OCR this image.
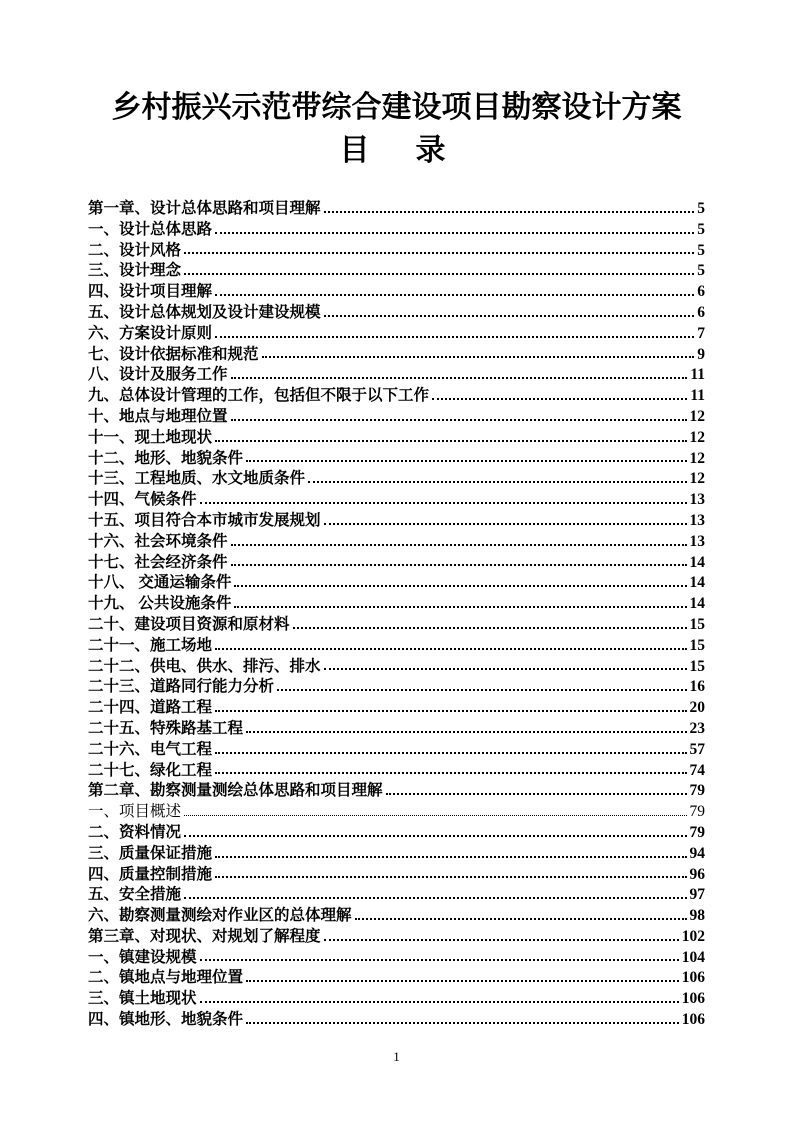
乡村振兴示范带综合建设项目勘察设计方案
目　录
第一章、设计总体思路和项目理解	5
一、设计总体思路	5
二、设计风格	5
三、设计理念	5
四、设计项目理解	6
五、设计总体规划及设计建设规模	6
六、方案设计原则	7
七、设计依据标准和规范	9
八、设计及服务工作	11
九、总体设计管理的工作，包括但不限于以下工作	11
十、地点与地理位置	12
十一、现土地现状	12
十二、地形、地貌条件	12
十三、工程地质、水文地质条件	12
十四、气候条件	13
十五、项目符合本市城市发展规划	13
十六、社会环境条件	13
十七、社会经济条件	14
十八、 交通运输条件	14
十九、 公共设施条件	14
二十、建设项目资源和原材料	15
二十一、施工场地	15
二十二、供电、供水、排污、排水	15
二十三、道路同行能力分析	16
二十四、道路工程	20
二十五、特殊路基工程	23
二十六、电气工程	57
二十七、绿化工程	74
第二章、勘察测量测绘总体思路和项目理解	79
一、项目概述	79
二、资料情况	79
三、质量保证措施	94
四、质量控制措施	96
五、安全措施	97
六、勘察测量测绘对作业区的总体理解	98
第三章、对现状、对规划了解程度	102
一、镇建设规模	104
二、镇地点与地理位置	106
三、镇土地现状	106
四、镇地形、地貌条件	106
1
